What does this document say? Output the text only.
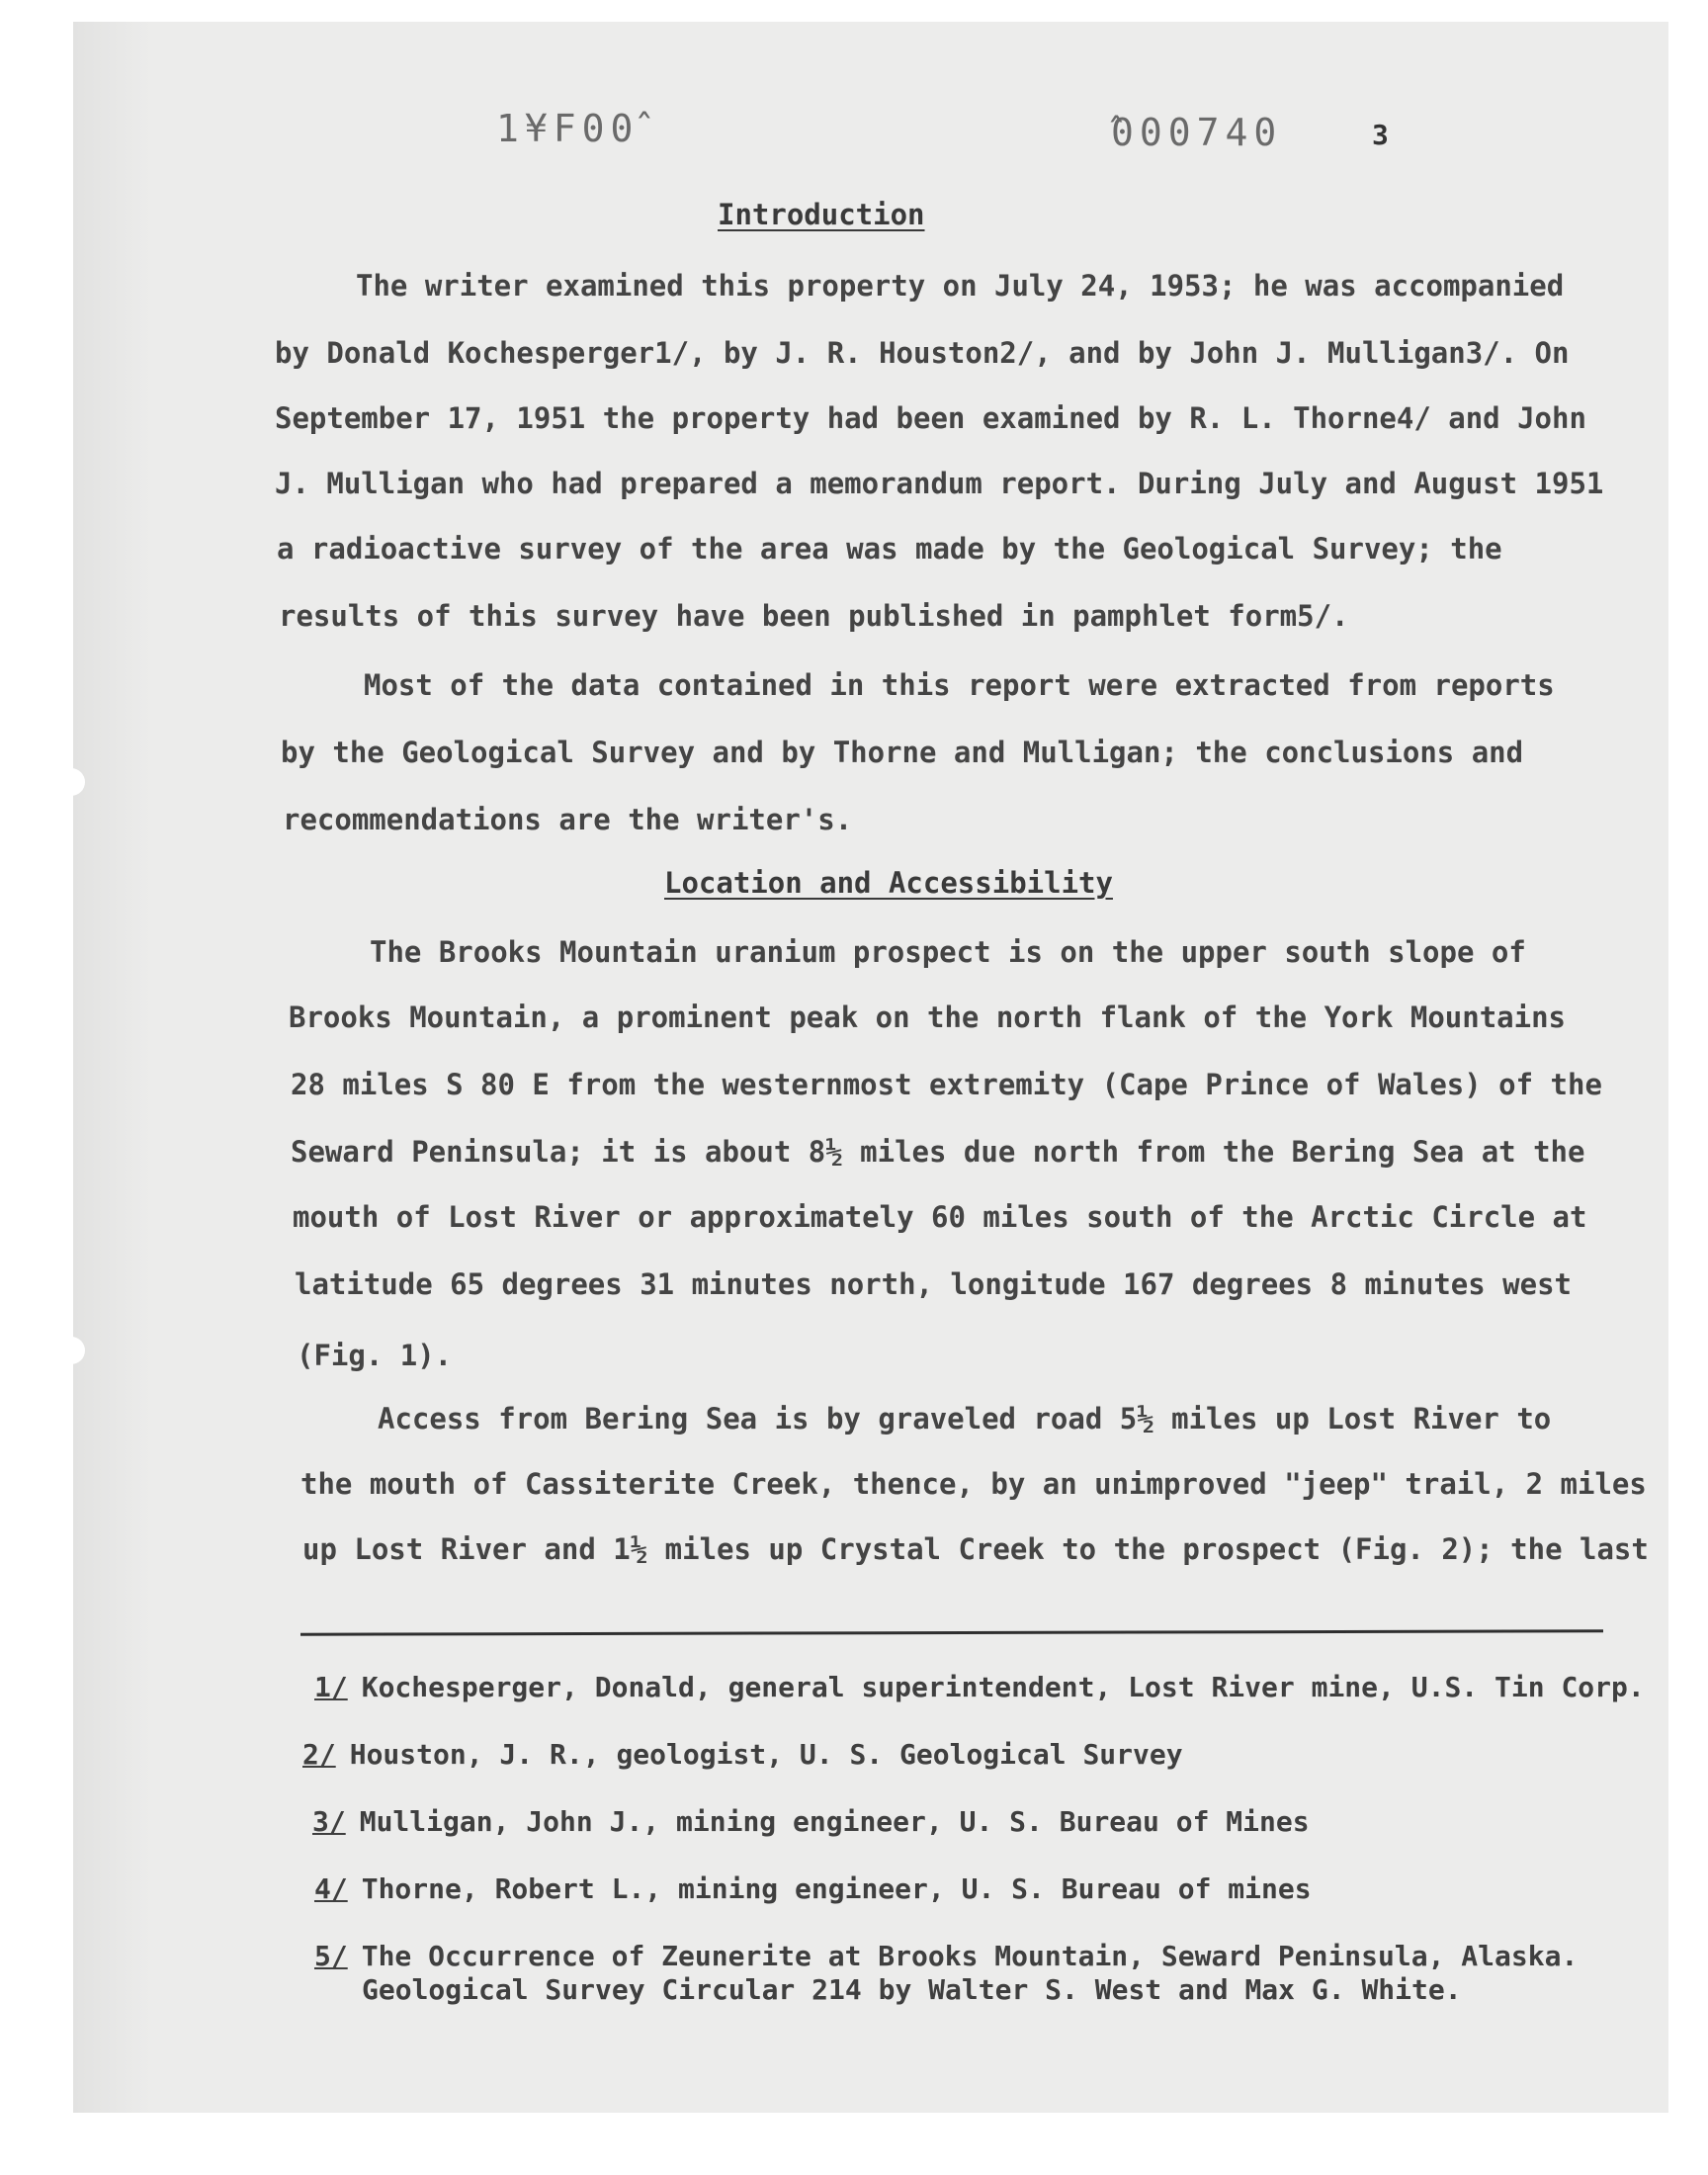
1¥F00̂	̂000740	3
Introduction
The writer examined this property on July 24, 1953; he was accompanied
by Donald Kochesperger1/, by J. R. Houston2/, and by John J. Mulligan3/. On
September 17, 1951 the property had been examined by R. L. Thorne4/ and John
J. Mulligan who had prepared a memorandum report. During July and August 1951
a radioactive survey of the area was made by the Geological Survey; the
results of this survey have been published in pamphlet form5/.
Most of the data contained in this report were extracted from reports
by the Geological Survey and by Thorne and Mulligan; the conclusions and
recommendations are the writer's.
Location and Accessibility
The Brooks Mountain uranium prospect is on the upper south slope of
Brooks Mountain, a prominent peak on the north flank of the York Mountains
28 miles S 80 E from the westernmost extremity (Cape Prince of Wales) of the
Seward Peninsula; it is about 8½ miles due north from the Bering Sea at the
mouth of Lost River or approximately 60 miles south of the Arctic Circle at
latitude 65 degrees 31 minutes north, longitude 167 degrees 8 minutes west
(Fig. 1).
Access from Bering Sea is by graveled road 5½ miles up Lost River to
the mouth of Cassiterite Creek, thence, by an unimproved "jeep" trail, 2 miles
up Lost River and 1½ miles up Crystal Creek to the prospect (Fig. 2); the last
1/ Kochesperger, Donald, general superintendent, Lost River mine, U.S. Tin Corp.
2/ Houston, J. R., geologist, U. S. Geological Survey
3/ Mulligan, John J., mining engineer, U. S. Bureau of Mines
4/ Thorne, Robert L., mining engineer, U. S. Bureau of mines
5/ The Occurrence of Zeunerite at Brooks Mountain, Seward Peninsula, Alaska.
Geological Survey Circular 214 by Walter S. West and Max G. White.
